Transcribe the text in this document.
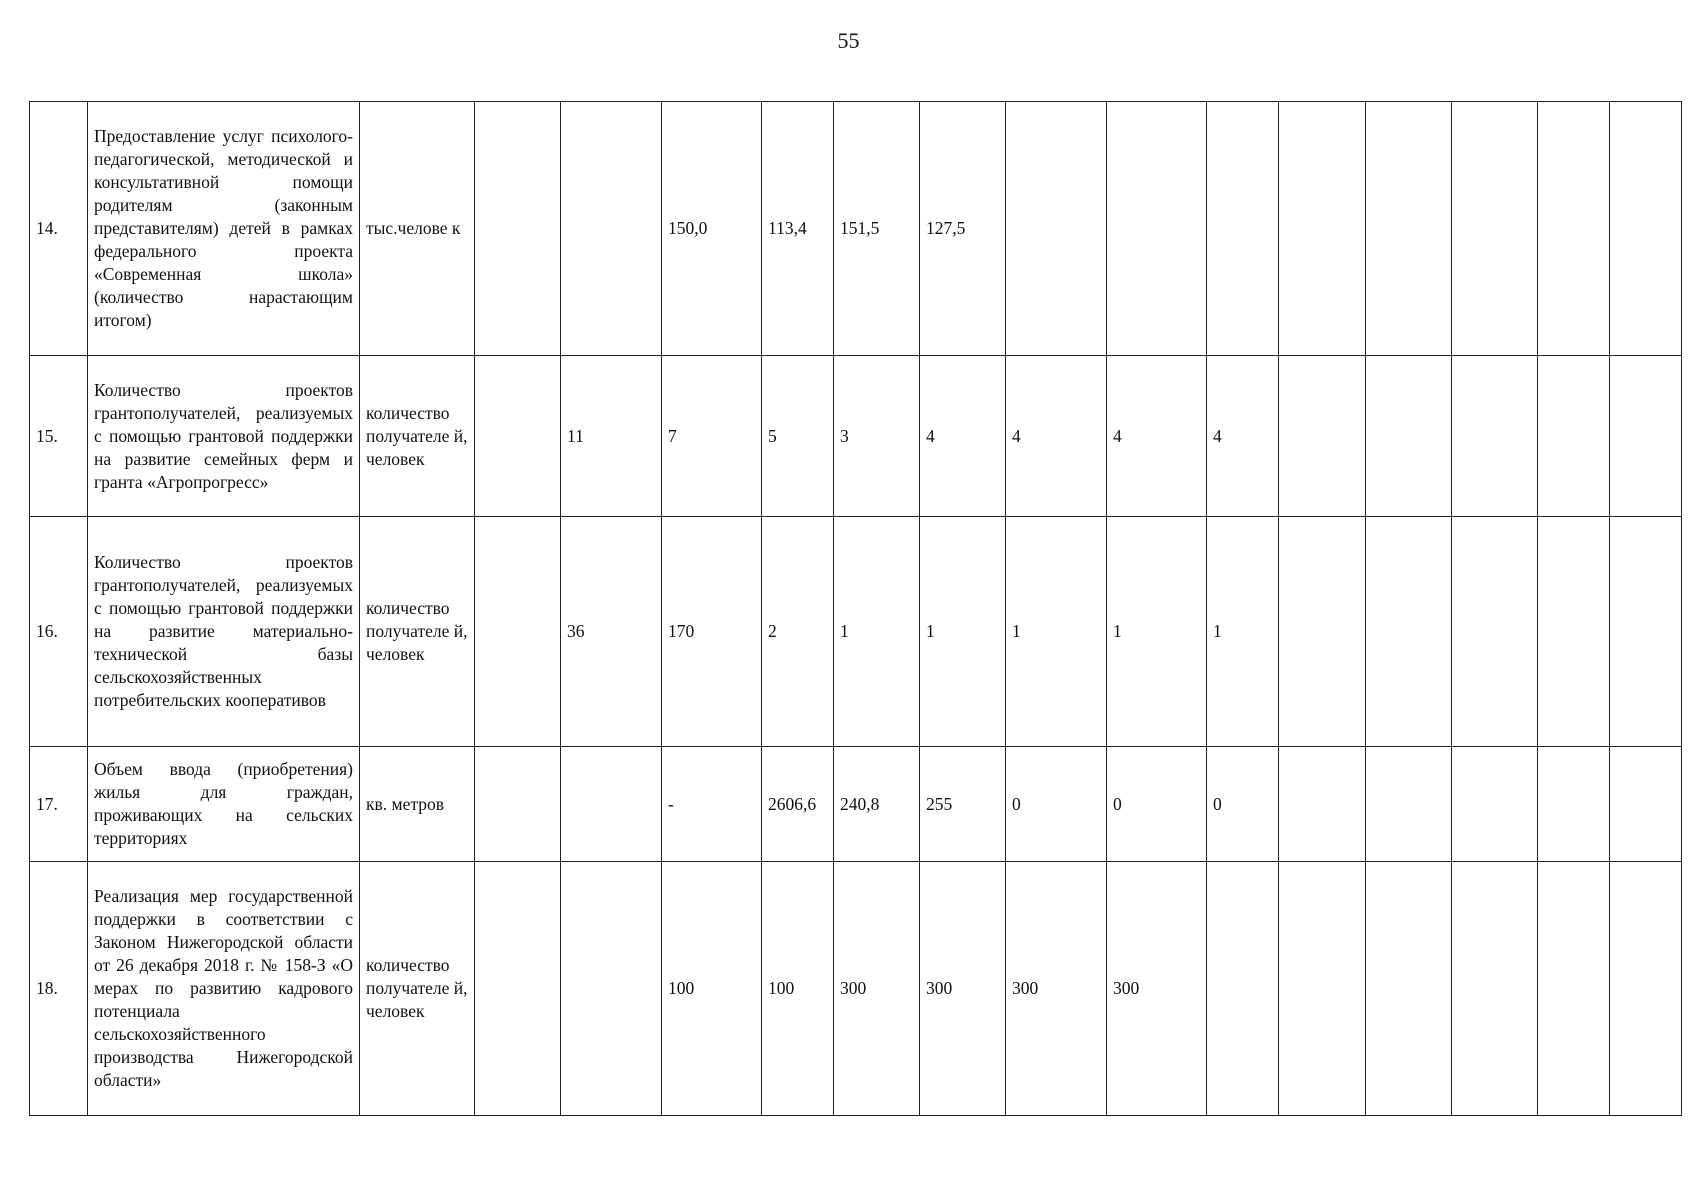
55
14.	Предоставление услуг психолого-педагогической, методической и консультативной помощи родителям (законным представителям) детей в рамках федерального проекта «Современная школа» (количество нарастающим итогом)	тыс.челове к			150,0	113,4	151,5	127,5								
15.	Количество проектов грантополучателей, реализуемых с помощью грантовой поддержки на развитие семейных ферм и гранта «Агропрогресс»	количество получателе й, человек		11	7	5	3	4	4	4	4					
16.	Количество проектов грантополучателей, реализуемых с помощью грантовой поддержки на развитие материально-технической базы сельскохозяйственных потребительских кооперативов	количество получателе й, человек		36	170	2	1	1	1	1	1					
17.	Объем ввода (приобретения) жилья для граждан, проживающих на сельских территориях	кв. метров			-	2606,6	240,8	255	0	0	0					
18.	Реализация мер государственной поддержки в соответствии с Законом Нижегородской области от 26 декабря 2018 г. № 158-З «О мерах по развитию кадрового потенциала сельскохозяйственного производства Нижегородской области»	количество получателе й, человек			100	100	300	300	300	300						
